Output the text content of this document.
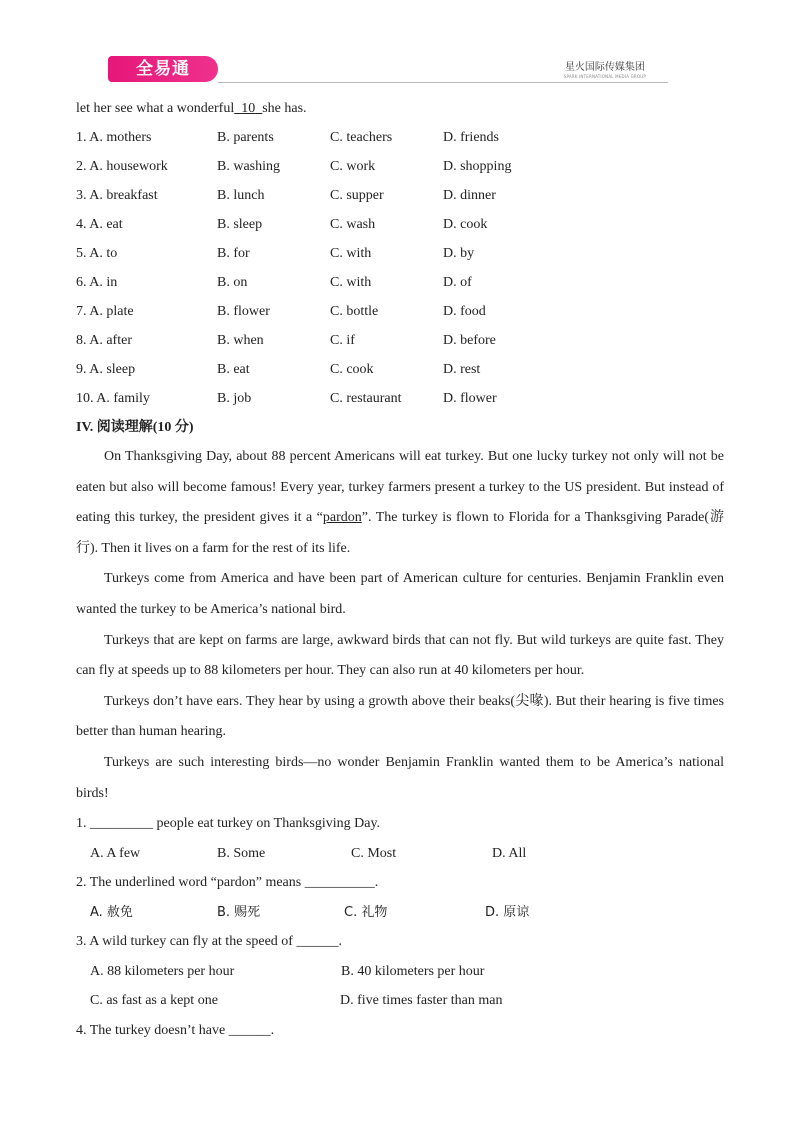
全易通	星火国际传媒集团
SPARK INTERNATIONAL MEDIA GROUP
let her see what a wonderful 10 she has.
1. A. mothers	B. parents	C. teachers	D. friends
2. A. housework	B. washing	C. work	D. shopping
3. A. breakfast	B. lunch	C. supper	D. dinner
4. A. eat	B. sleep	C. wash	D. cook
5. A. to	B. for	C. with	D. by
6. A. in	B. on	C. with	D. of
7. A. plate	B. flower	C. bottle	D. food
8. A. after	B. when	C. if	D. before
9. A. sleep	B. eat	C. cook	D. rest
10. A. family	B. job	C. restaurant	D. flower
IV. 阅读理解(10 分)

On Thanksgiving Day, about 88 percent Americans will eat turkey. But one lucky turkey not only will not be eaten but also will become famous! Every year, turkey farmers present a turkey to the US president. But instead of eating this turkey, the president gives it a “pardon”. The turkey is flown to Florida for a Thanksgiving Parade(游行). Then it lives on a farm for the rest of its life.

Turkeys come from America and have been part of American culture for centuries. Benjamin Franklin even wanted the turkey to be America’s national bird.

Turkeys that are kept on farms are large, awkward birds that can not fly. But wild turkeys are quite fast. They can fly at speeds up to 88 kilometers per hour. They can also run at 40 kilometers per hour.

Turkeys don’t have ears. They hear by using a growth above their beaks(尖喙). But their hearing is five times better than human hearing.

Turkeys are such interesting birds—no wonder Benjamin Franklin wanted them to be America’s national birds!

1. _________ people eat turkey on Thanksgiving Day.
A. A few	B. Some	C. Most	D. All
2. The underlined word “pardon” means __________.
A. 赦免	B. 赐死	C. 礼物	D. 原谅
3. A wild turkey can fly at the speed of ______.
A. 88 kilometers per hour	B. 40 kilometers per hour
C. as fast as a kept one	D. five times faster than man
4. The turkey doesn’t have ______.
